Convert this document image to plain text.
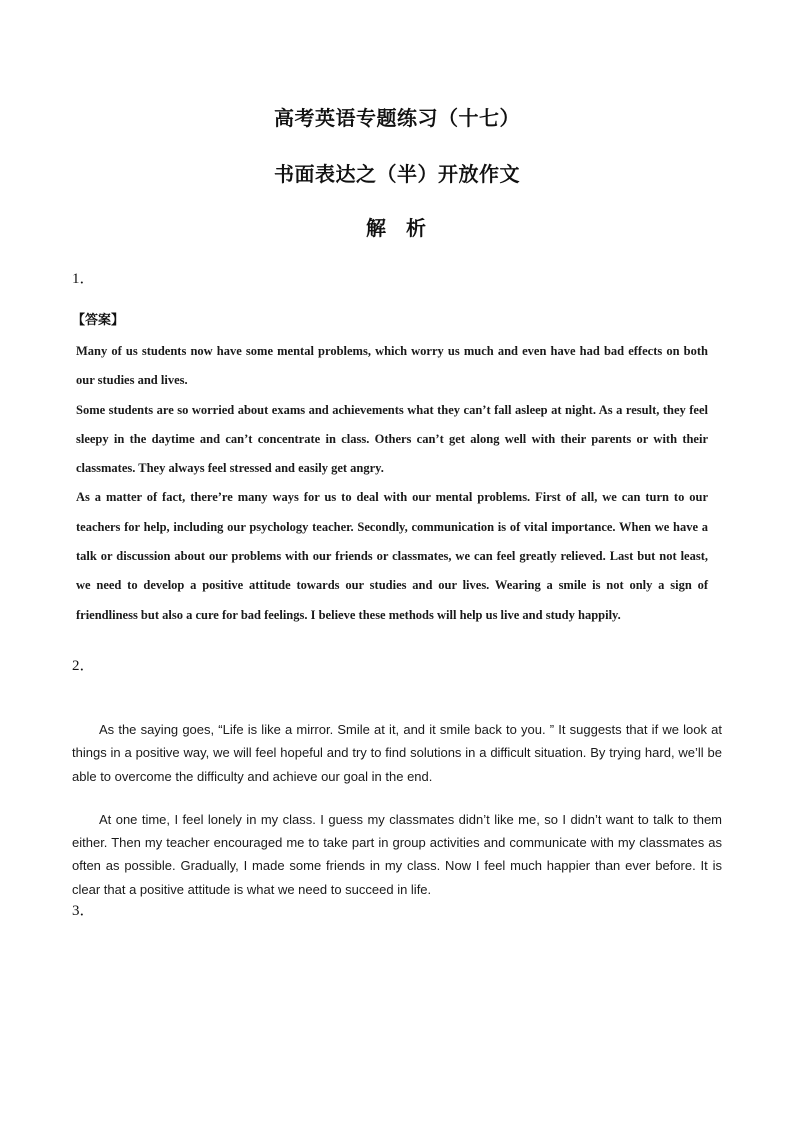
高考英语专题练习（十七）
书面表达之（半）开放作文
解析
1．
【答案】

Many of us students now have some mental problems, which worry us much and even have had bad effects on both our studies and lives.

Some students are so worried about exams and achievements what they can’t fall asleep at night. As a result, they feel sleepy in the daytime and can’t concentrate in class. Others can’t get along well with their parents or with their classmates. They always feel stressed and easily get angry.

As a matter of fact, there’re many ways for us to deal with our mental problems. First of all, we can turn to our teachers for help, including our psychology teacher. Secondly, communication is of vital importance. When we have a talk or discussion about our problems with our friends or classmates, we can feel greatly relieved. Last but not least, we need to develop a positive attitude towards our studies and our lives. Wearing a smile is not only a sign of friendliness but also a cure for bad feelings. I believe these methods will help us live and study happily.

2．

As the saying goes, “Life is like a mirror. Smile at it, and it smile back to you. ” It suggests that if we look at things in a positive way, we will feel hopeful and try to find solutions in a difficult situation. By trying hard, we’ll be able to overcome the difficulty and achieve our goal in the end.

At one time, I feel lonely in my class. I guess my classmates didn’t like me, so I didn’t want to talk to them either. Then my teacher encouraged me to take part in group activities and communicate with my classmates as often as possible. Gradually, I made some friends in my class. Now I feel much happier than ever before. It is clear that a positive attitude is what we need to succeed in life.

3．
